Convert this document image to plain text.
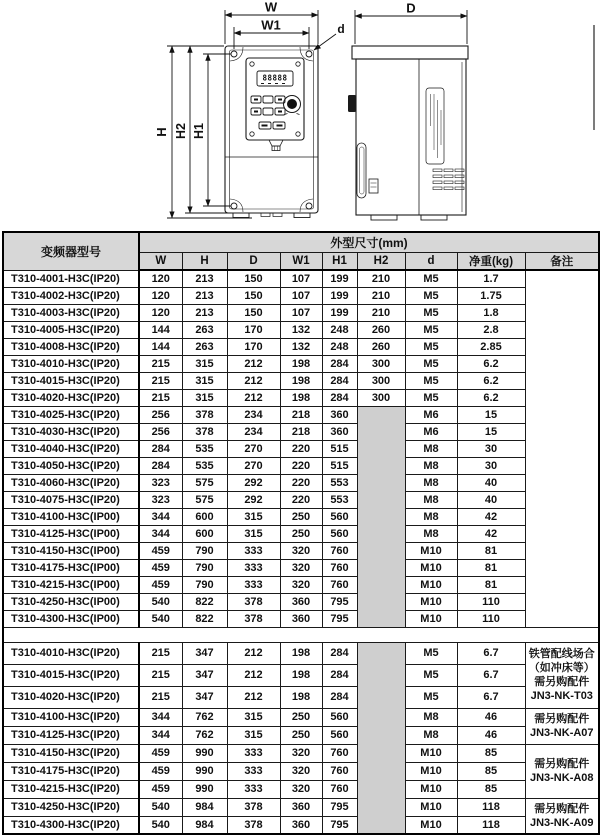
88888
W
W1
H H2 H1
d
D
变频器型号	外型尺寸(mm)								
	W	H	D	W1	H1	H2	d	净重(kg)	备注
T310-4001-H3C(IP20)	120	213	150	107	199	210	M5	1.7	
T310-4002-H3C(IP20)	120	213	150	107	199	210	M5	1.75	
T310-4003-H3C(IP20)	120	213	150	107	199	210	M5	1.8	
T310-4005-H3C(IP20)	144	263	170	132	248	260	M5	2.8	
T310-4008-H3C(IP20)	144	263	170	132	248	260	M5	2.85	
T310-4010-H3C(IP20)	215	315	212	198	284	300	M5	6.2	
T310-4015-H3C(IP20)	215	315	212	198	284	300	M5	6.2	
T310-4020-H3C(IP20)	215	315	212	198	284	300	M5	6.2	
T310-4025-H3C(IP20)	256	378	234	218	360		M6	15	
T310-4030-H3C(IP20)	256	378	234	218	360		M6	15	
T310-4040-H3C(IP20)	284	535	270	220	515		M8	30	
T310-4050-H3C(IP20)	284	535	270	220	515		M8	30	
T310-4060-H3C(IP20)	323	575	292	220	553		M8	40	
T310-4075-H3C(IP20)	323	575	292	220	553		M8	40	
T310-4100-H3C(IP00)	344	600	315	250	560		M8	42	
T310-4125-H3C(IP00)	344	600	315	250	560		M8	42	
T310-4150-H3C(IP00)	459	790	333	320	760		M10	81	
T310-4175-H3C(IP00)	459	790	333	320	760		M10	81	
T310-4215-H3C(IP00)	459	790	333	320	760		M10	81	
T310-4250-H3C(IP00)	540	822	378	360	795		M10	110	
T310-4300-H3C(IP00)	540	822	378	360	795		M10	110	

T310-4010-H3C(IP20)	215	347	212	198	284		M5	6.7	铁管配线场合
（如冲床等）
需另购配件
JN3-NK-T03
T310-4015-H3C(IP20)	215	347	212	198	284		M5	6.7	
T310-4020-H3C(IP20)	215	347	212	198	284		M5	6.7	
T310-4100-H3C(IP20)	344	762	315	250	560		M8	46	需另购配件
JN3-NK-A07
T310-4125-H3C(IP20)	344	762	315	250	560		M8	46	
T310-4150-H3C(IP20)	459	990	333	320	760		M10	85	需另购配件
JN3-NK-A08
T310-4175-H3C(IP20)	459	990	333	320	760		M10	85	
T310-4215-H3C(IP20)	459	990	333	320	760		M10	85	
T310-4250-H3C(IP20)	540	984	378	360	795		M10	118	需另购配件
JN3-NK-A09
T310-4300-H3C(IP20)	540	984	378	360	795		M10	118	
